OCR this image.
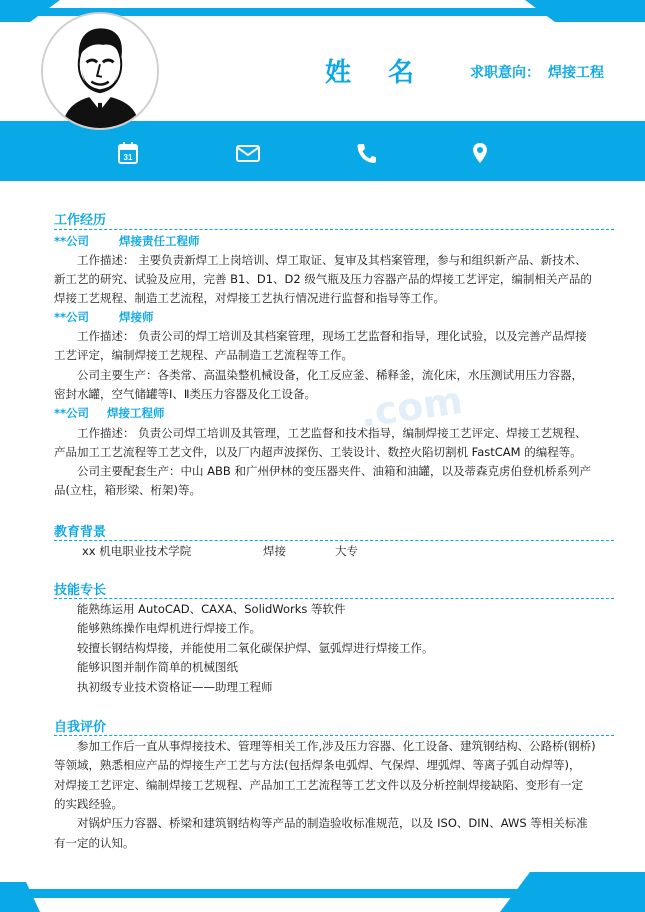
姓 名	求职意向： 焊接工程
31
.com
工作经历
**公司	焊接责任工程师
工作描述： 主要负责新焊工上岗培训、焊工取证、复审及其档案管理，参与和组织新产品、新技术、
新工艺的研究、试验及应用，完善 B1、D1、D2 级气瓶及压力容器产品的焊接工艺评定，编制相关产品的
焊接工艺规程、制造工艺流程，对焊接工艺执行情况进行监督和指导等工作。
**公司	焊接师
工作描述： 负责公司的焊工培训及其档案管理，现场工艺监督和指导，理化试验，以及完善产品焊接
工艺评定，编制焊接工艺规程、产品制造工艺流程等工作。
公司主要生产：各类常、高温染整机械设备，化工反应釜、稀释釜，流化床，水压测试用压力容器，
密封水罐，空气储罐等Ⅰ、Ⅱ类压力容器及化工设备。
**公司 焊接工程师
工作描述： 负责公司焊工培训及其管理，工艺监督和技术指导，编制焊接工艺评定、焊接工艺规程、
产品加工工艺流程等工艺文件，以及厂内超声波探伤、工装设计、数控火陷切割机 FastCAM 的编程等。
公司主要配套生产：中山 ABB 和广州伊林的变压器夹件、油箱和油罐，以及蒂森克虏伯登机桥系列产
品(立柱，箱形梁、桁架)等。
教育背景
xx 机电职业技术学院	焊接	大专
技能专长
能熟练运用 AutoCAD、CAXA、SolidWorks 等软件
能够熟练操作电焊机进行焊接工作。
较擅长钢结构焊接，并能使用二氧化碳保护焊、氩弧焊进行焊接工作。
能够识图并制作简单的机械图纸
执初级专业技术资格证——助理工程师
自我评价
参加工作后一直从事焊接技术、管理等相关工作,涉及压力容器、化工设备、建筑钢结构、公路桥(钢桥)
等领域，熟悉相应产品的焊接生产工艺与方法(包括焊条电弧焊、气保焊、埋弧焊、等离子弧自动焊等)，
对焊接工艺评定、编制焊接工艺规程、产品加工工艺流程等工艺文件以及分析控制焊接缺陷、变形有一定
的实践经验。
对锅炉压力容器、桥梁和建筑钢结构等产品的制造验收标准规范，以及 ISO、DIN、AWS 等相关标准
有一定的认知。
